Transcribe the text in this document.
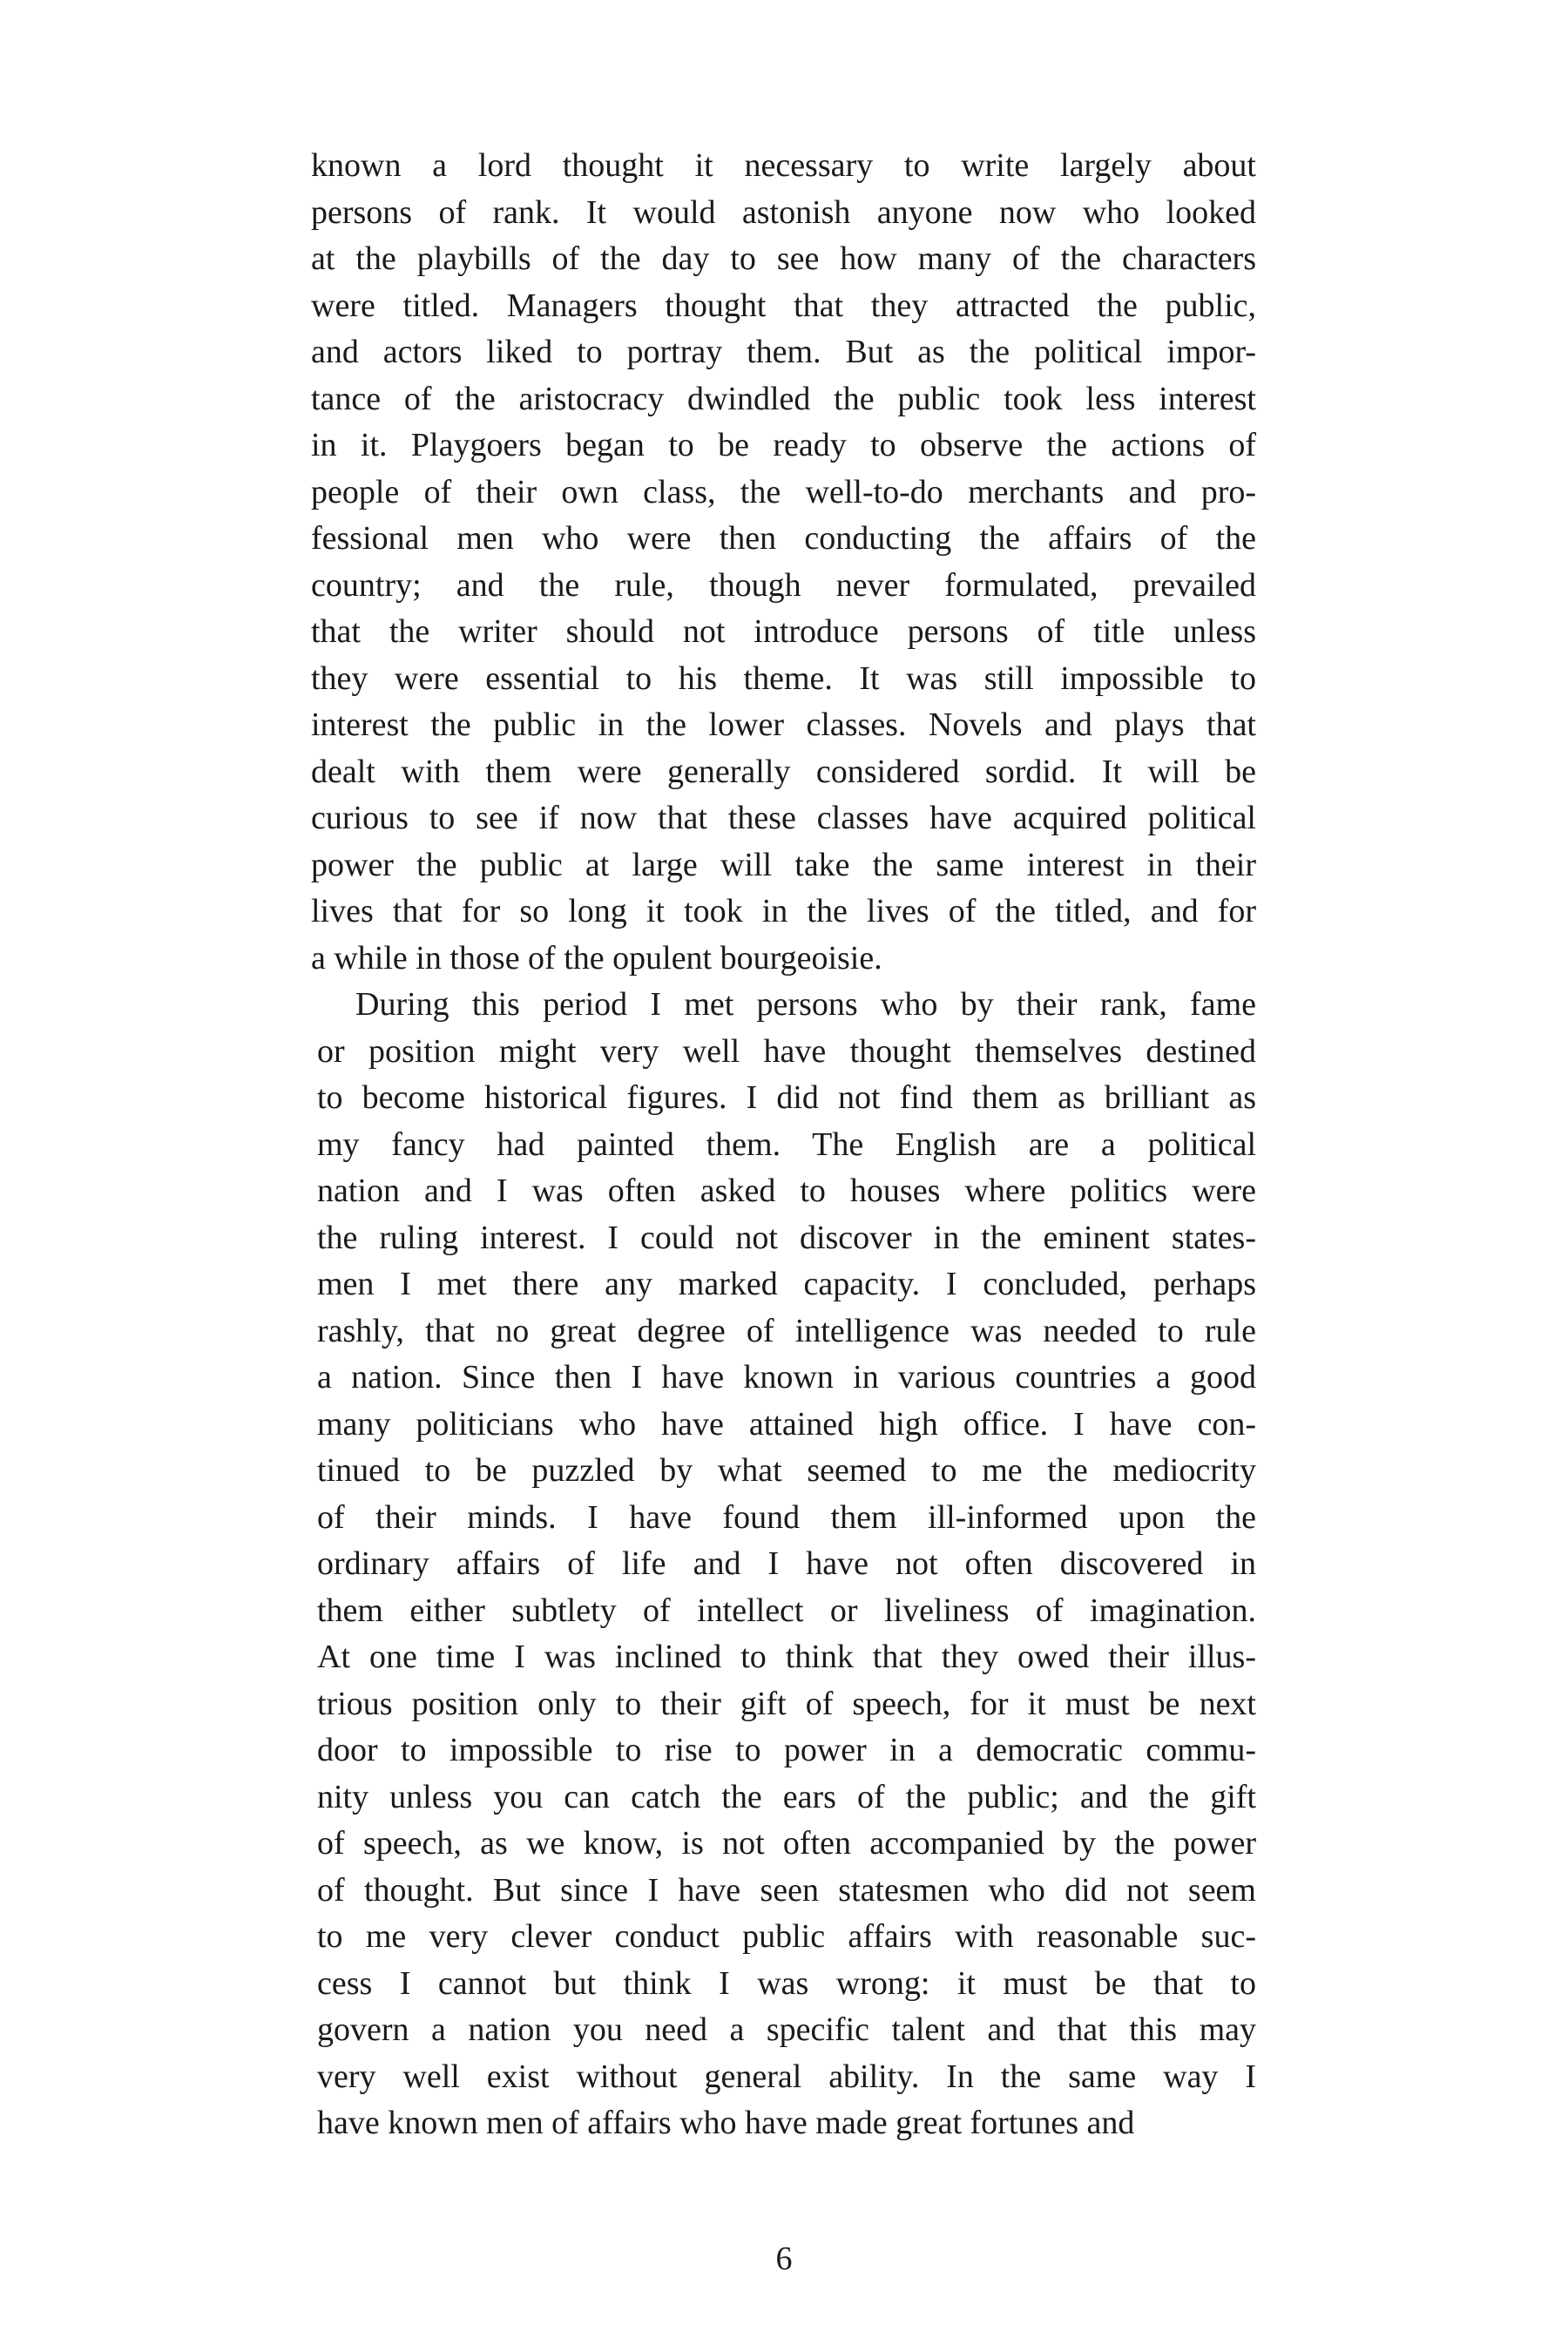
known a lord thought it necessary to write largely about
persons of rank. It would astonish anyone now who looked
at the playbills of the day to see how many of the characters
were titled. Managers thought that they attracted the public,
and actors liked to portray them. But as the political impor-
tance of the aristocracy dwindled the public took less interest
in it. Playgoers began to be ready to observe the actions of
people of their own class, the well-to-do merchants and pro-
fessional men who were then conducting the affairs of the
country; and the rule, though never formulated, prevailed
that the writer should not introduce persons of title unless
they were essential to his theme. It was still impossible to
interest the public in the lower classes. Novels and plays that
dealt with them were generally considered sordid. It will be
curious to see if now that these classes have acquired political
power the public at large will take the same interest in their
lives that for so long it took in the lives of the titled, and for
a while in those of the opulent bourgeoisie.
During this period I met persons who by their rank, fame
or position might very well have thought themselves destined
to become historical figures. I did not find them as brilliant as
my fancy had painted them. The English are a political
nation and I was often asked to houses where politics were
the ruling interest. I could not discover in the eminent states-
men I met there any marked capacity. I concluded, perhaps
rashly, that no great degree of intelligence was needed to rule
a nation. Since then I have known in various countries a good
many politicians who have attained high office. I have con-
tinued to be puzzled by what seemed to me the mediocrity
of their minds. I have found them ill-informed upon the
ordinary affairs of life and I have not often discovered in
them either subtlety of intellect or liveliness of imagination.
At one time I was inclined to think that they owed their illus-
trious position only to their gift of speech, for it must be next
door to impossible to rise to power in a democratic commu-
nity unless you can catch the ears of the public; and the gift
of speech, as we know, is not often accompanied by the power
of thought. But since I have seen statesmen who did not seem
to me very clever conduct public affairs with reasonable suc-
cess I cannot but think I was wrong: it must be that to
govern a nation you need a specific talent and that this may
very well exist without general ability. In the same way I
have known men of affairs who have made great fortunes and
6
